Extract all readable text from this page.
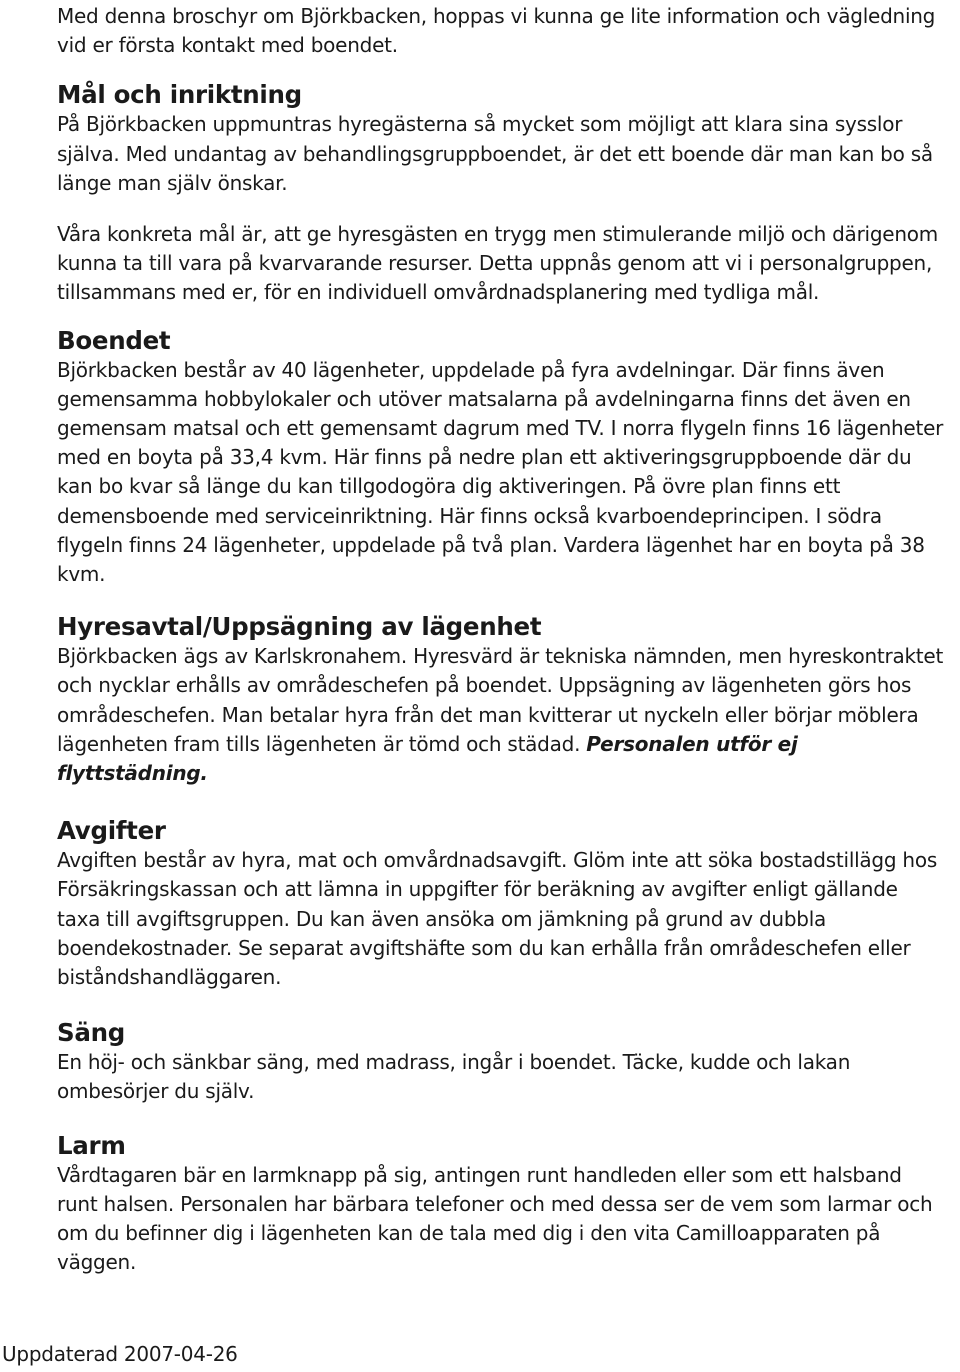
Med denna broschyr om Björkbacken, hoppas vi kunna ge lite information och vägledning vid er första kontakt med boendet.

Mål och inriktning

På Björkbacken uppmuntras hyregästerna så mycket som möjligt att klara sina sysslor själva. Med undantag av behandlingsgruppboendet, är det ett boende där man kan bo så länge man själv önskar.

Våra konkreta mål är, att ge hyresgästen en trygg men stimulerande miljö och därigenom kunna ta till vara på kvarvarande resurser. Detta uppnås genom att vi i personalgruppen, tillsammans med er, för en individuell omvårdnadsplanering med tydliga mål.

Boendet

Björkbacken består av 40 lägenheter, uppdelade på fyra avdelningar. Där finns även gemensamma hobbylokaler och utöver matsalarna på avdelningarna finns det även en gemensam matsal och ett gemensamt dagrum med TV. I norra flygeln finns 16 lägenheter med en boyta på 33,4 kvm. Här finns på nedre plan ett aktiveringsgruppboende där du kan bo kvar så länge du kan tillgodogöra dig aktiveringen. På övre plan finns ett demensboende med serviceinriktning. Här finns också kvarboendeprincipen. I södra flygeln finns 24 lägenheter, uppdelade på två plan. Vardera lägenhet har en boyta på 38 kvm.

Hyresavtal/Uppsägning av lägenhet

Björkbacken ägs av Karlskronahem. Hyresvärd är tekniska nämnden, men hyreskontraktet och nycklar erhålls av områdeschefen på boendet. Uppsägning av lägenheten görs hos områdeschefen. Man betalar hyra från det man kvitterar ut nyckeln eller börjar möblera lägenheten fram tills lägenheten är tömd och städad. Personalen utför ej flyttstädning.

Avgifter

Avgiften består av hyra, mat och omvårdnadsavgift. Glöm inte att söka bostadstillägg hos Försäkringskassan och att lämna in uppgifter för beräkning av avgifter enligt gällande taxa till avgiftsgruppen. Du kan även ansöka om jämkning på grund av dubbla boendekostnader. Se separat avgiftshäfte som du kan erhålla från områdeschefen eller biståndshandläggaren.

Säng

En höj- och sänkbar säng, med madrass, ingår i boendet. Täcke, kudde och lakan ombesörjer du själv.

Larm

Vårdtagaren bär en larmknapp på sig, antingen runt handleden eller som ett halsband runt halsen. Personalen har bärbara telefoner och med dessa ser de vem som larmar och om du befinner dig i lägenheten kan de tala med dig i den vita Camilloapparaten på väggen.

Uppdaterad 2007-04-26
